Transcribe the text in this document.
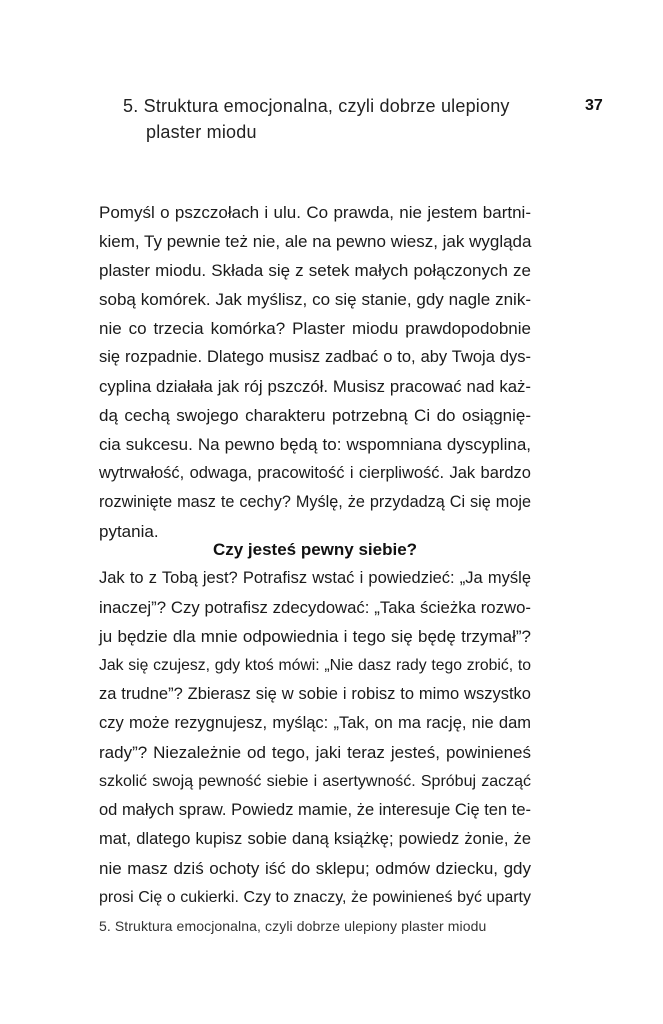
5. Struktura emocjonalna, czyli dobrze ulepiony
plaster miodu
37
Pomyśl o pszczołach i ulu. Co prawda, nie jestem bartni-
kiem, Ty pewnie też nie, ale na pewno wiesz, jak wygląda
plaster miodu. Składa się z setek małych połączonych ze
sobą komórek. Jak myślisz, co się stanie, gdy nagle znik-
nie co trzecia komórka? Plaster miodu prawdopodobnie
się rozpadnie. Dlatego musisz zadbać o to, aby Twoja dys-
cyplina działała jak rój pszczół. Musisz pracować nad każ-
dą cechą swojego charakteru potrzebną Ci do osiągnię-
cia sukcesu. Na pewno będą to: wspomniana dyscyplina,
wytrwałość, odwaga, pracowitość i cierpliwość. Jak bardzo
rozwinięte masz te cechy? Myślę, że przydadzą Ci się moje
pytania.
Czy jesteś pewny siebie?
Jak to z Tobą jest? Potrafisz wstać i powiedzieć: „Ja myślę
inaczej”? Czy potrafisz zdecydować: „Taka ścieżka rozwo-
ju będzie dla mnie odpowiednia i tego się będę trzymał”?
Jak się czujesz, gdy ktoś mówi: „Nie dasz rady tego zrobić, to
za trudne”? Zbierasz się w sobie i robisz to mimo wszystko
czy może rezygnujesz, myśląc: „Tak, on ma rację, nie dam
rady”? Niezależnie od tego, jaki teraz jesteś, powinieneś
szkolić swoją pewność siebie i asertywność. Spróbuj zacząć
od małych spraw. Powiedz mamie, że interesuje Cię ten te-
mat, dlatego kupisz sobie daną książkę; powiedz żonie, że
nie masz dziś ochoty iść do sklepu; odmów dziecku, gdy
prosi Cię o cukierki. Czy to znaczy, że powinieneś być uparty
5. Struktura emocjonalna, czyli dobrze ulepiony plaster miodu
